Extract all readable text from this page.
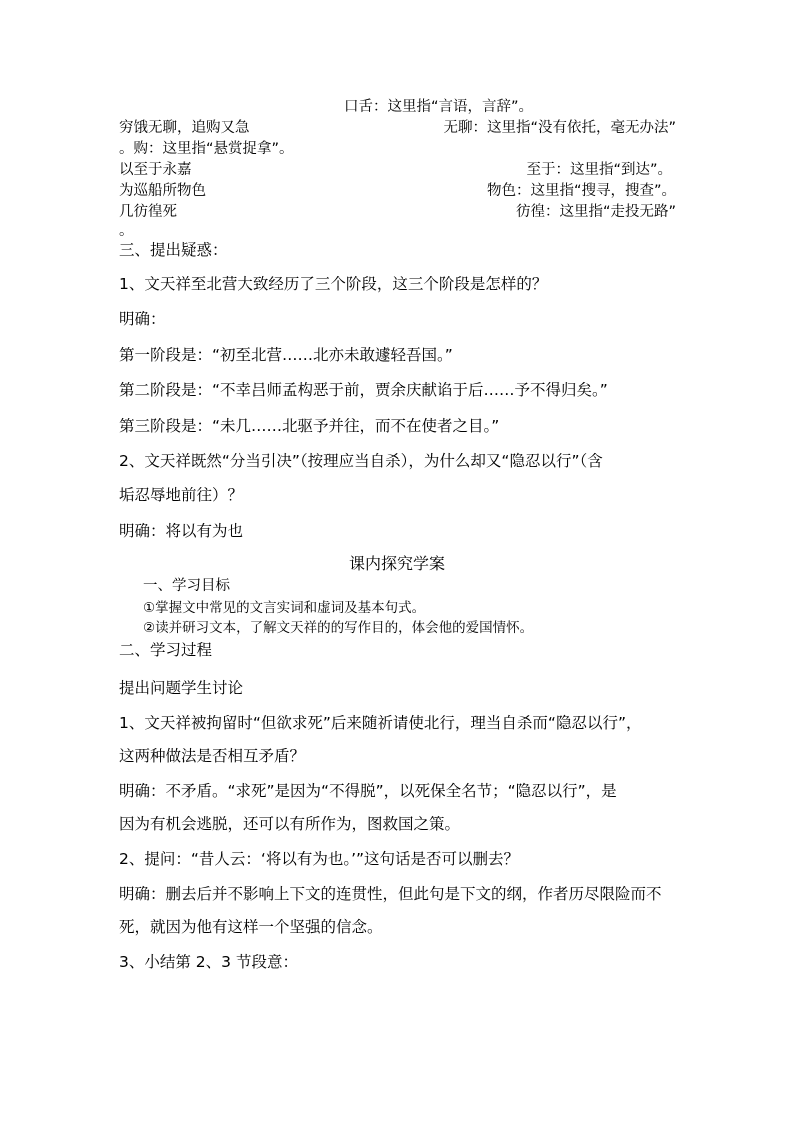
口舌：这里指“言语，言辞”。
穷饿无聊，追购又急	无聊：这里指“没有依托，毫无办法”
。购：这里指“悬赏捉拿”。
以至于永嘉	至于：这里指“到达”。
为巡船所物色	物色：这里指“搜寻，搜查”。
几彷徨死	彷徨：这里指“走投无路”
。
三、提出疑惑：
1、文天祥至北营大致经历了三个阶段，这三个阶段是怎样的？
明确：
第一阶段是：“初至北营……北亦未敢遽轻吾国。”
第二阶段是：“不幸吕师孟构恶于前，贾余庆献谄于后……予不得归矣。”
第三阶段是：“未几……北驱予并往，而不在使者之目。”
2、文天祥既然“分当引决”（按理应当自杀），为什么却又“隐忍以行”（含
垢忍辱地前往）？
明确：将以有为也
课内探究学案
一、学习目标
①掌握文中常见的文言实词和虚词及基本句式。
②读并研习文本，了解文天祥的的写作目的，体会他的爱国情怀。
二、学习过程
提出问题学生讨论
1、文天祥被拘留时“但欲求死”后来随祈请使北行，理当自杀而“隐忍以行”，
这两种做法是否相互矛盾？
明确：不矛盾。“求死”是因为“不得脱”，以死保全名节；“隐忍以行”，是
因为有机会逃脱，还可以有所作为，图救国之策。
2、提问：“昔人云：‘将以有为也。’”这句话是否可以删去？
明确：删去后并不影响上下文的连贯性，但此句是下文的纲，作者历尽限险而不
死，就因为他有这样一个坚强的信念。
3、小结第 2、3 节段意：
